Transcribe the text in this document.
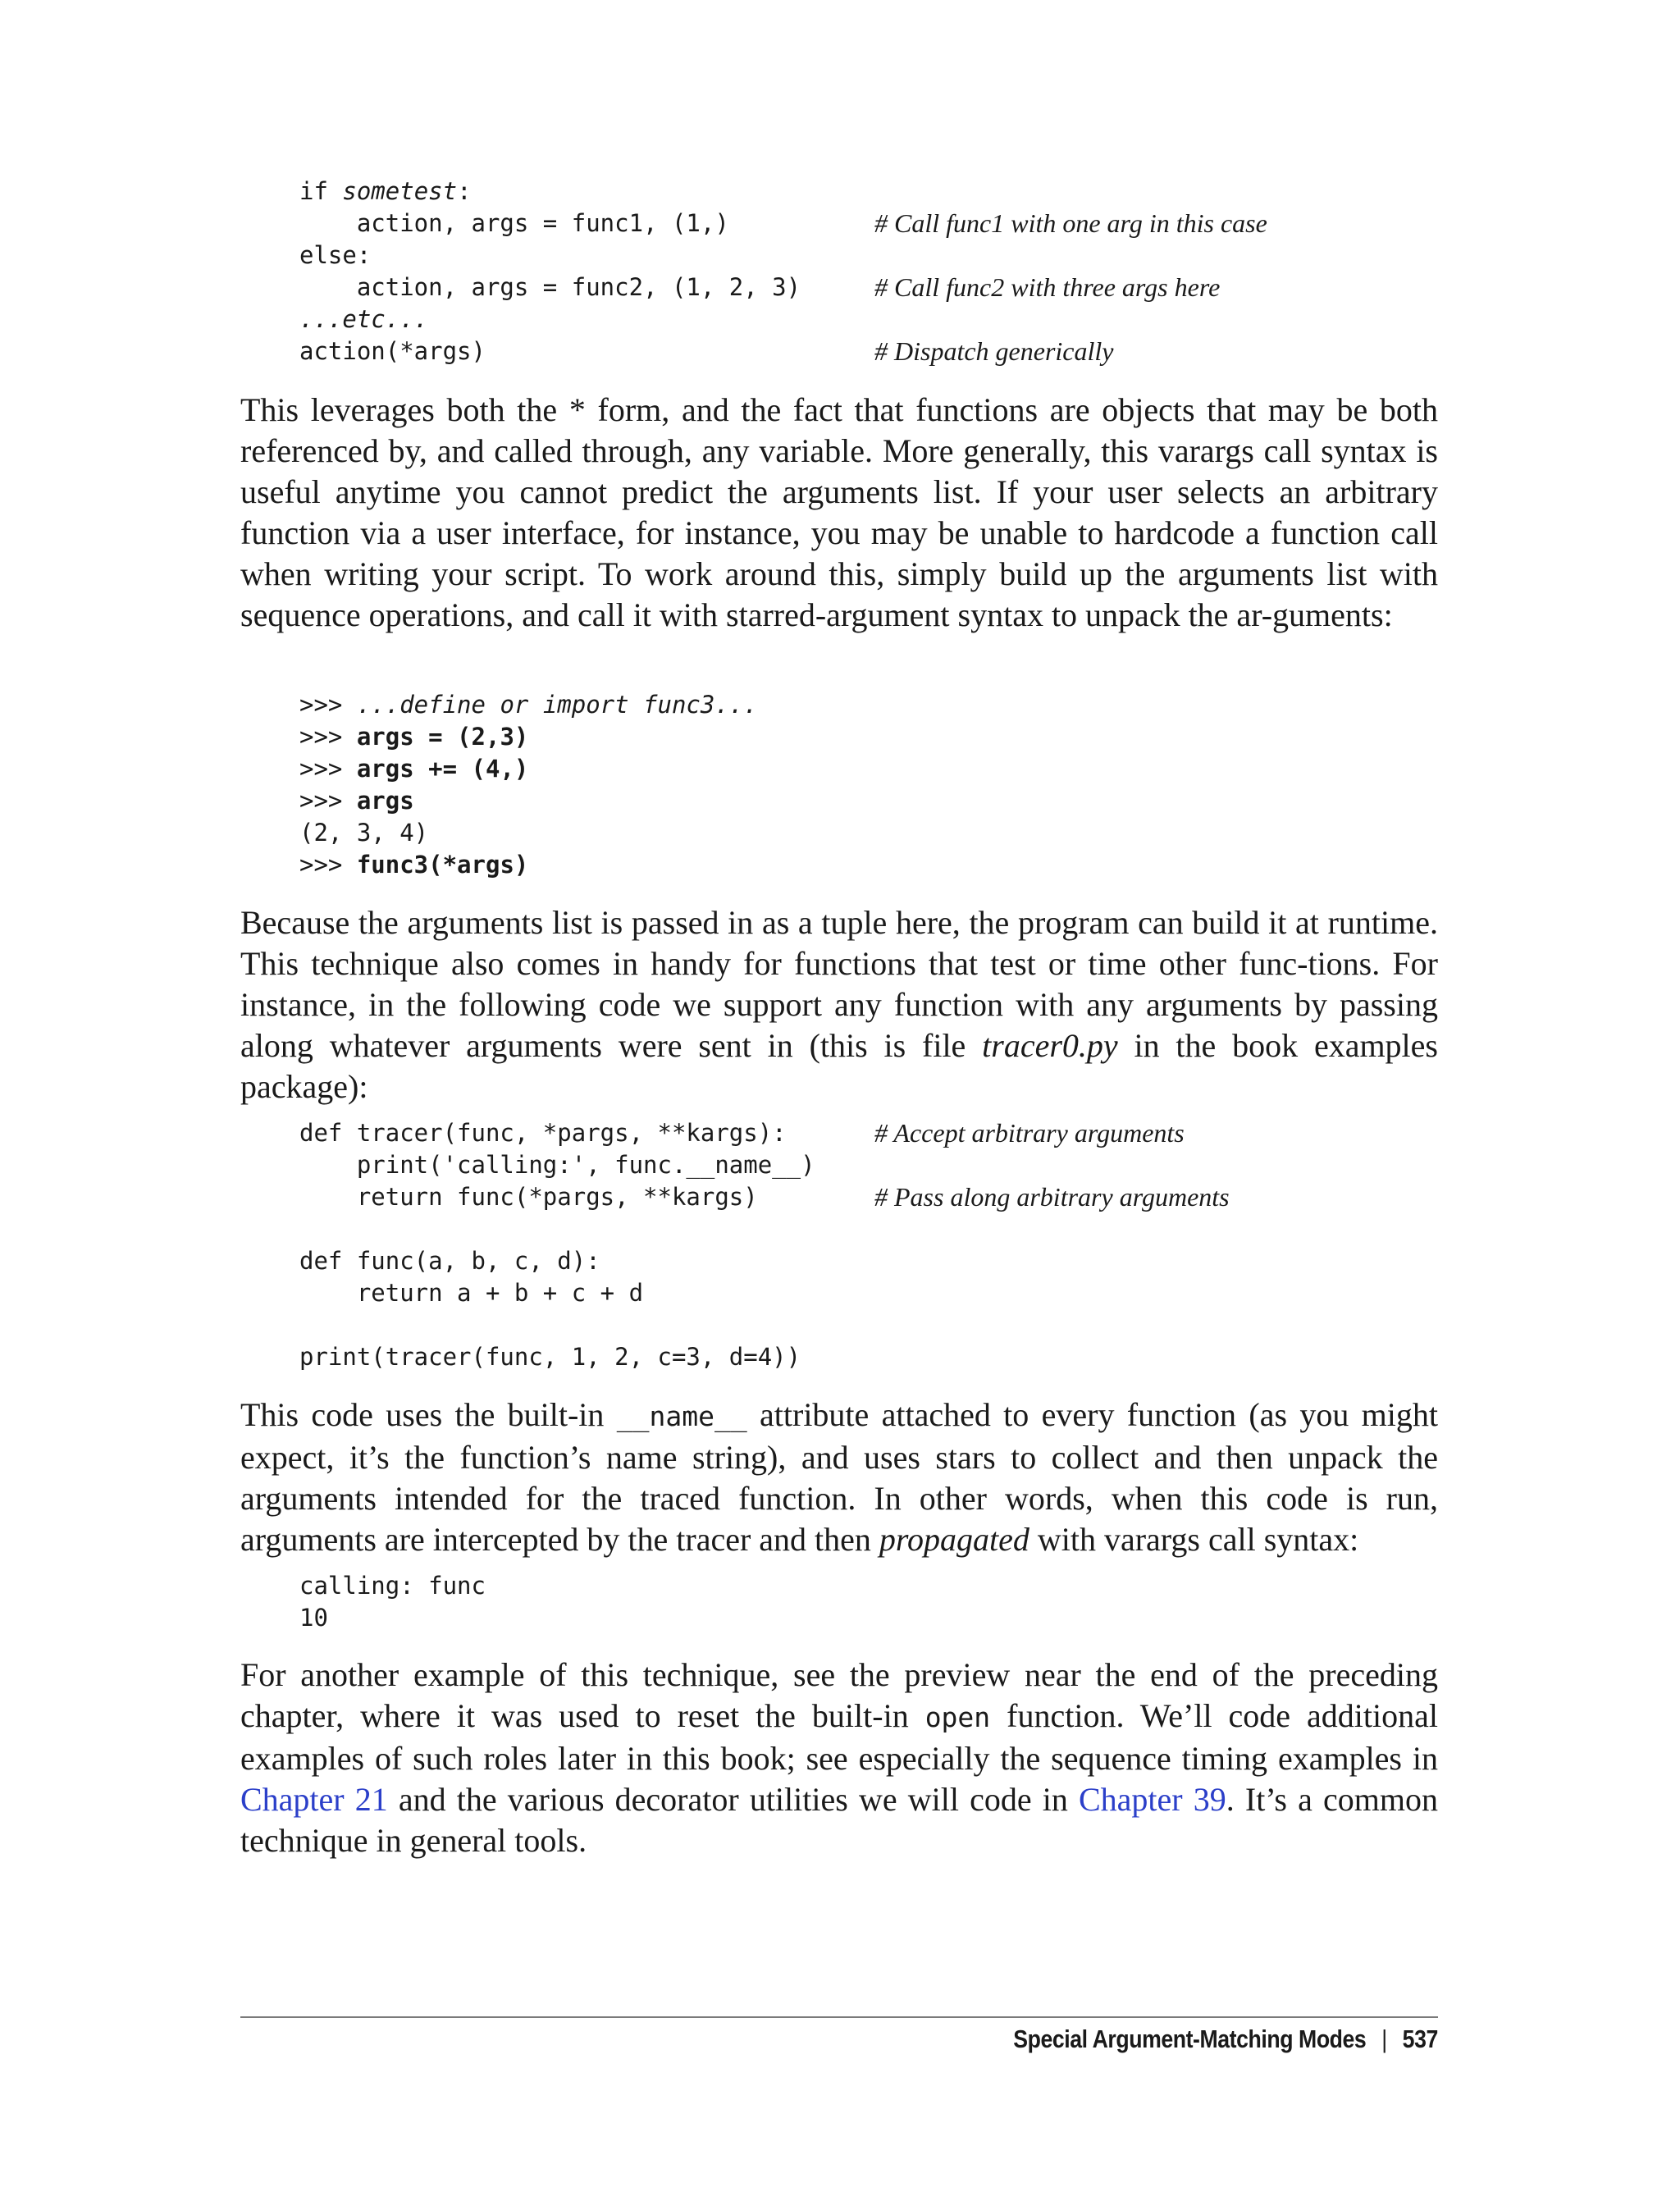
if sometest:
action, args = func1, (1,)	# Call func1 with one arg in this case
else:
action, args = func2, (1, 2, 3)	# Call func2 with three args here
...etc...
action(*args)	# Dispatch generically

This leverages both the * form, and the fact that functions are objects that may be both referenced by, and called through, any variable. More generally, this varargs call syntax is useful anytime you cannot predict the arguments list. If your user selects an arbitrary function via a user interface, for instance, you may be unable to hardcode a function call when writing your script. To work around this, simply build up the arguments list with sequence operations, and call it with starred-argument syntax to unpack the ar-guments:

>>> ...define or import func3...
>>> args = (2,3)
>>> args += (4,)
>>> args
(2, 3, 4)
>>> func3(*args)

Because the arguments list is passed in as a tuple here, the program can build it at runtime. This technique also comes in handy for functions that test or time other func-tions. For instance, in the following code we support any function with any arguments by passing along whatever arguments were sent in (this is file tracer0.py in the book examples package):

def tracer(func, *pargs, **kargs):	# Accept arbitrary arguments
print('calling:', func.__name__)
return func(*pargs, **kargs)	# Pass along arbitrary arguments
def func(a, b, c, d):
return a + b + c + d
print(tracer(func, 1, 2, c=3, d=4))

This code uses the built-in __name__ attribute attached to every function (as you might expect, it’s the function’s name string), and uses stars to collect and then unpack the arguments intended for the traced function. In other words, when this code is run, arguments are intercepted by the tracer and then propagated with varargs call syntax:

calling: func
10

For another example of this technique, see the preview near the end of the preceding chapter, where it was used to reset the built-in open function. We’ll code additional examples of such roles later in this book; see especially the sequence timing examples in Chapter 21 and the various decorator utilities we will code in Chapter 39. It’s a common technique in general tools.

Special Argument-Matching Modes | 537
